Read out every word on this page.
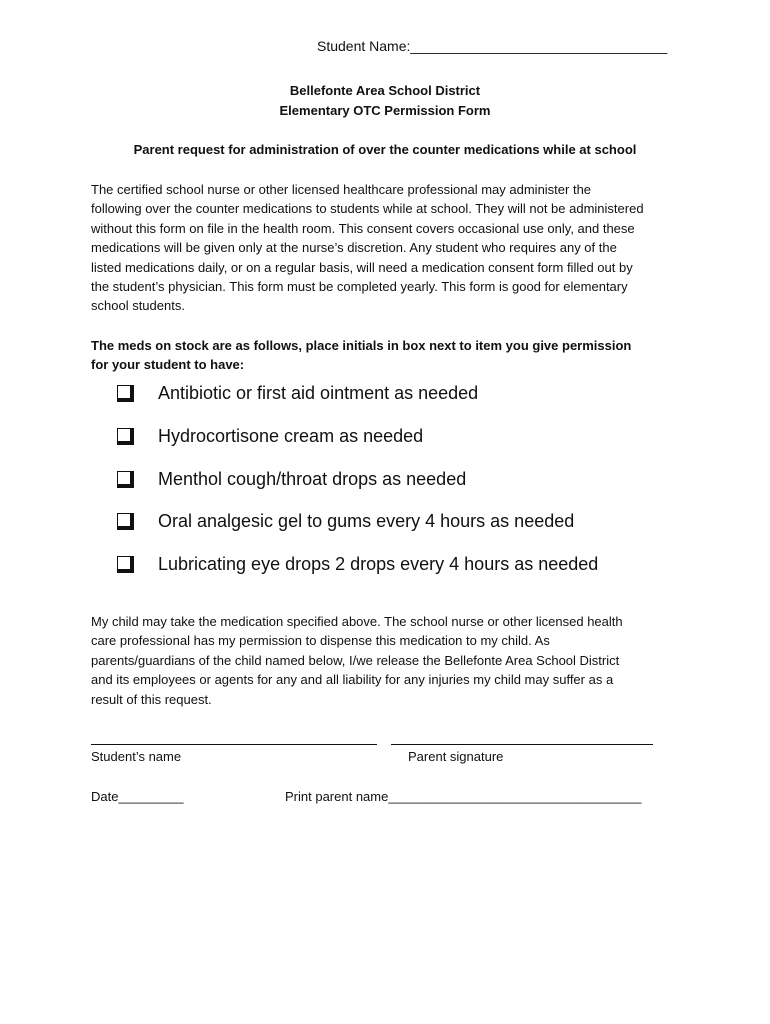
Student Name:_________________________________
Bellefonte Area School District
Elementary OTC Permission Form
Parent request for administration of over the counter medications while at school
The certified school nurse or other licensed healthcare professional may administer the
following over the counter medications to students while at school. They will not be administered
without this form on file in the health room. This consent covers occasional use only, and these
medications will be given only at the nurse’s discretion. Any student who requires any of the
listed medications daily, or on a regular basis, will need a medication consent form filled out by
the student’s physician. This form must be completed yearly. This form is good for elementary
school students.
The meds on stock are as follows, place initials in box next to item you give permission
for your student to have:
Antibiotic or first aid ointment as needed
Hydrocortisone cream as needed
Menthol cough/throat drops as needed
Oral analgesic gel to gums every 4 hours as needed
Lubricating eye drops 2 drops every 4 hours as needed
My child may take the medication specified above. The school nurse or other licensed health
care professional has my permission to dispense this medication to my child. As
parents/guardians of the child named below, I/we release the Bellefonte Area School District
and its employees or agents for any and all liability for any injuries my child may suffer as a
result of this request.
Student’s name	Parent signature
Date_________	Print parent name___________________________________
